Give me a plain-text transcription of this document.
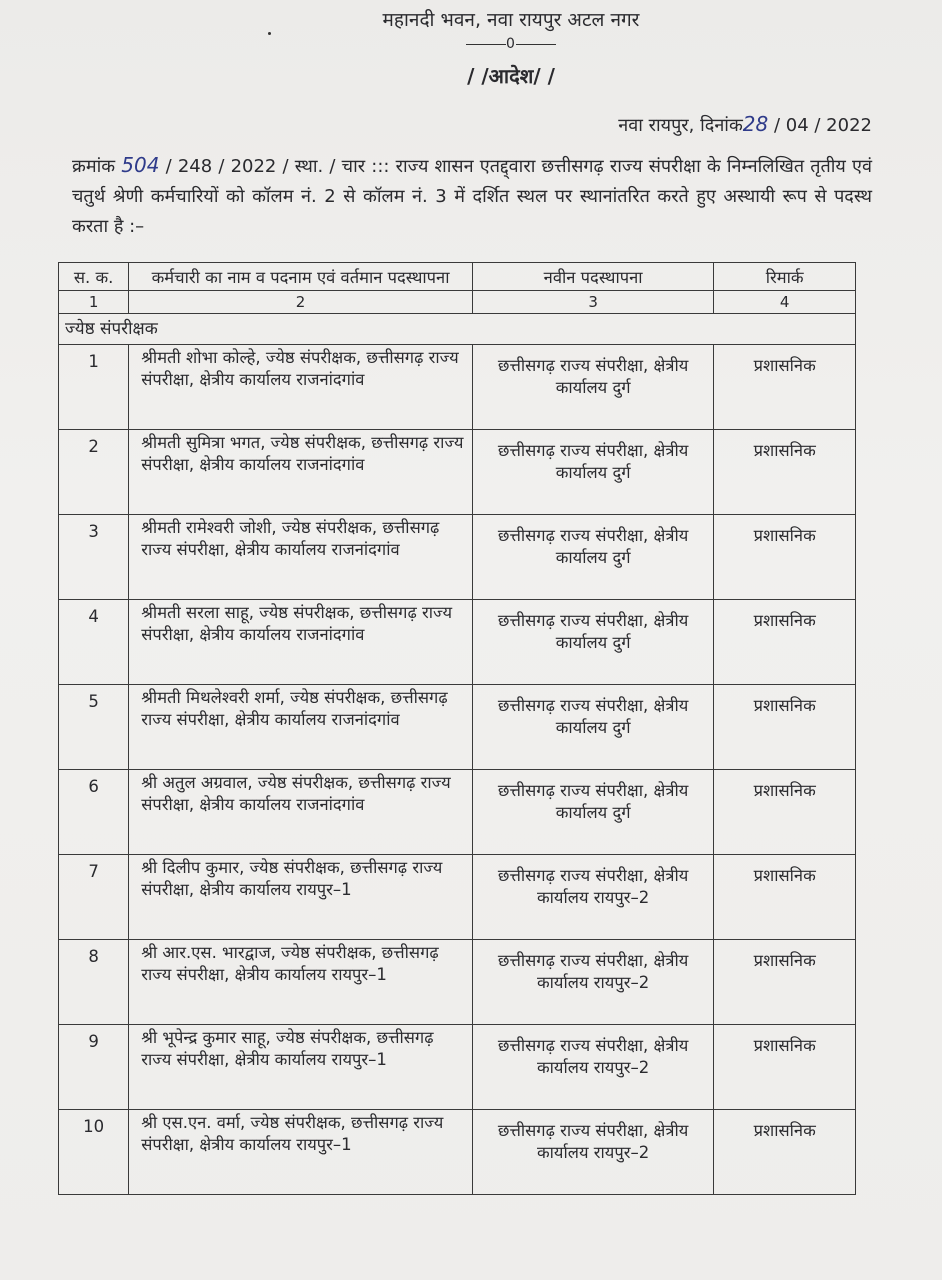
महानदी भवन, नवा रायपुर अटल नगर
0
/ /आदेश/ /
नवा रायपुर, दिनांक28 / 04 / 2022
क्रमांक 504 / 248 / 2022 / स्था. / चार ::: राज्य शासन एतद्द्वारा छत्तीसगढ़ राज्य संपरीक्षा के निम्नलिखित तृतीय एवं चतुर्थ श्रेणी कर्मचारियों को कॉलम नं. 2 से कॉलम नं. 3 में दर्शित स्थल पर स्थानांतरित करते हुए अस्थायी रूप से पदस्थ करता है :–
स. क.	कर्मचारी का नाम व पदनाम एवं वर्तमान पदस्थापना	नवीन पदस्थापना	रिमार्क
1	2	3	4
ज्येष्ठ संपरीक्षक			
1	श्रीमती शोभा कोल्हे, ज्येष्ठ संपरीक्षक, छत्तीसगढ़ राज्य संपरीक्षा, क्षेत्रीय कार्यालय राजनांदगांव	छत्तीसगढ़ राज्य संपरीक्षा, क्षेत्रीय कार्यालय दुर्ग	प्रशासनिक
2	श्रीमती सुमित्रा भगत, ज्येष्ठ संपरीक्षक, छत्तीसगढ़ राज्य संपरीक्षा, क्षेत्रीय कार्यालय राजनांदगांव	छत्तीसगढ़ राज्य संपरीक्षा, क्षेत्रीय कार्यालय दुर्ग	प्रशासनिक
3	श्रीमती रामेश्वरी जोशी, ज्येष्ठ संपरीक्षक, छत्तीसगढ़ राज्य संपरीक्षा, क्षेत्रीय कार्यालय राजनांदगांव	छत्तीसगढ़ राज्य संपरीक्षा, क्षेत्रीय कार्यालय दुर्ग	प्रशासनिक
4	श्रीमती सरला साहू, ज्येष्ठ संपरीक्षक, छत्तीसगढ़ राज्य संपरीक्षा, क्षेत्रीय कार्यालय राजनांदगांव	छत्तीसगढ़ राज्य संपरीक्षा, क्षेत्रीय कार्यालय दुर्ग	प्रशासनिक
5	श्रीमती मिथलेश्वरी शर्मा, ज्येष्ठ संपरीक्षक, छत्तीसगढ़ राज्य संपरीक्षा, क्षेत्रीय कार्यालय राजनांदगांव	छत्तीसगढ़ राज्य संपरीक्षा, क्षेत्रीय कार्यालय दुर्ग	प्रशासनिक
6	श्री अतुल अग्रवाल, ज्येष्ठ संपरीक्षक, छत्तीसगढ़ राज्य संपरीक्षा, क्षेत्रीय कार्यालय राजनांदगांव	छत्तीसगढ़ राज्य संपरीक्षा, क्षेत्रीय कार्यालय दुर्ग	प्रशासनिक
7	श्री दिलीप कुमार, ज्येष्ठ संपरीक्षक, छत्तीसगढ़ राज्य संपरीक्षा, क्षेत्रीय कार्यालय रायपुर–1	छत्तीसगढ़ राज्य संपरीक्षा, क्षेत्रीय कार्यालय रायपुर–2	प्रशासनिक
8	श्री आर.एस. भारद्वाज, ज्येष्ठ संपरीक्षक, छत्तीसगढ़ राज्य संपरीक्षा, क्षेत्रीय कार्यालय रायपुर–1	छत्तीसगढ़ राज्य संपरीक्षा, क्षेत्रीय कार्यालय रायपुर–2	प्रशासनिक
9	श्री भूपेन्द्र कुमार साहू, ज्येष्ठ संपरीक्षक, छत्तीसगढ़ राज्य संपरीक्षा, क्षेत्रीय कार्यालय रायपुर–1	छत्तीसगढ़ राज्य संपरीक्षा, क्षेत्रीय कार्यालय रायपुर–2	प्रशासनिक
10	श्री एस.एन. वर्मा, ज्येष्ठ संपरीक्षक, छत्तीसगढ़ राज्य संपरीक्षा, क्षेत्रीय कार्यालय रायपुर–1	छत्तीसगढ़ राज्य संपरीक्षा, क्षेत्रीय कार्यालय रायपुर–2	प्रशासनिक
